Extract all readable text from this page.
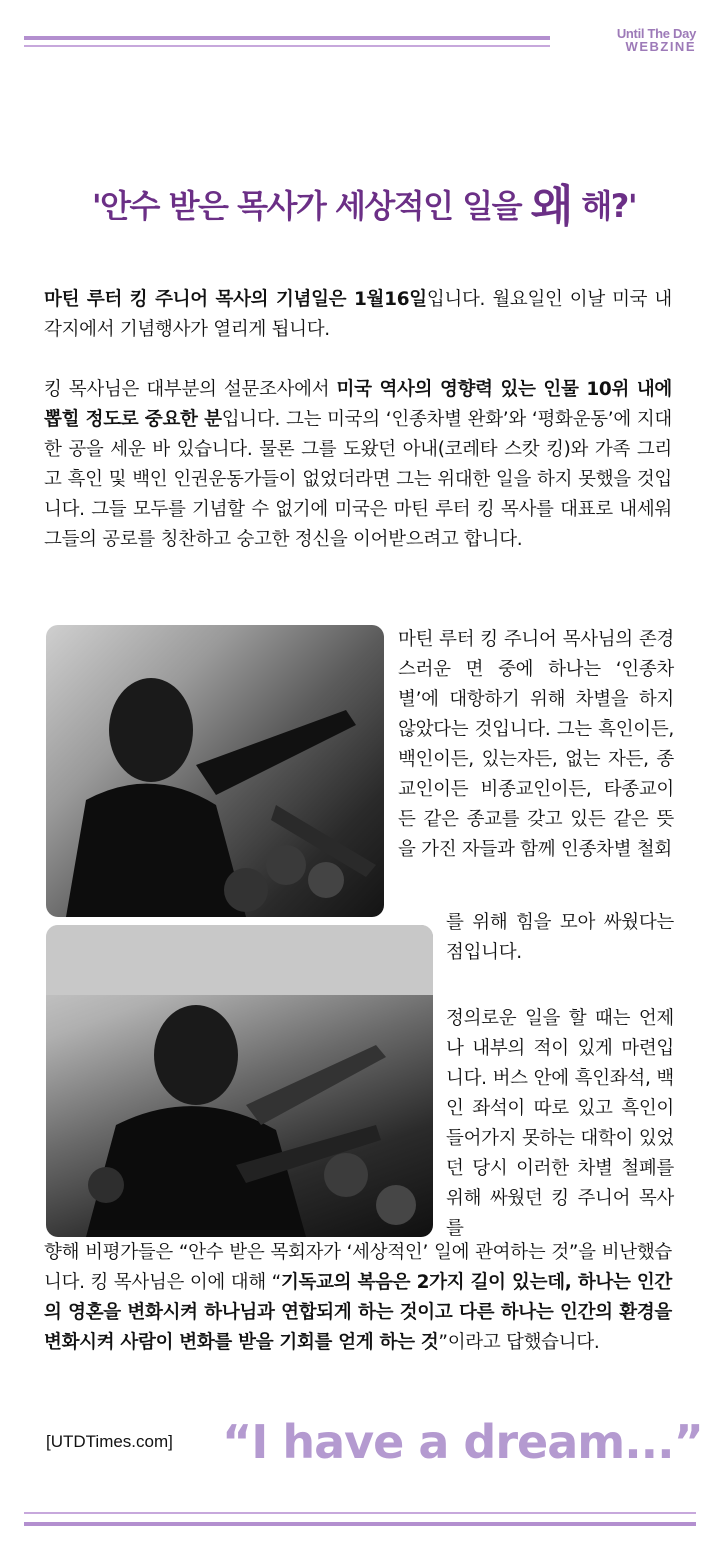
Until The Day
WEBZINE
'안수 받은 목사가 세상적인 일을 왜 해?'

마틴 루터 킹 주니어 목사의 기념일은 1월16일입니다. 월요일인 이날 미국 내 각지에서 기념행사가 열리게 됩니다.

킹 목사님은 대부분의 설문조사에서 미국 역사의 영향력 있는 인물 10위 내에 뽑힐 정도로 중요한 분입니다. 그는 미국의 ‘인종차별 완화’와 ‘평화운동’에 지대한 공을 세운 바 있습니다. 물론 그를 도왔던 아내(코레타 스캇 킹)와 가족 그리고 흑인 및 백인 인권운동가들이 없었더라면 그는 위대한 일을 하지 못했을 것입니다. 그들 모두를 기념할 수 없기에 미국은 마틴 루터 킹 목사를 대표로 내세워 그들의 공로를 칭찬하고 숭고한 정신을 이어받으려고 합니다.

마틴 루터 킹 주니어 목사님의 존경스러운 면 중에 하나는 ‘인종차별’에 대항하기 위해 차별을 하지 않았다는 것입니다. 그는 흑인이든, 백인이든, 있는자든, 없는 자든, 종교인이든 비종교인이든, 타종교이든 같은 종교를 갖고 있든 같은 뜻을 가진 자들과 함께 인종차별 철회

를 위해 힘을 모아 싸웠다는 점입니다.

정의로운 일을 할 때는 언제나 내부의 적이 있게 마련입니다. 버스 안에 흑인좌석, 백인 좌석이 따로 있고 흑인이 들어가지 못하는 대학이 있었던 당시 이러한 차별 철폐를 위해 싸웠던 킹 주니어 목사를

향해 비평가들은 “안수 받은 목회자가 ‘세상적인’ 일에 관여하는 것”을 비난했습니다. 킹 목사님은 이에 대해 “기독교의 복음은 2가지 길이 있는데, 하나는 인간의 영혼을 변화시켜 하나님과 연합되게 하는 것이고 다른 하나는 인간의 환경을 변화시켜 사람이 변화를 받을 기회를 얻게 하는 것”이라고 답했습니다.

[UTDTimes.com] “I have a dream...”
